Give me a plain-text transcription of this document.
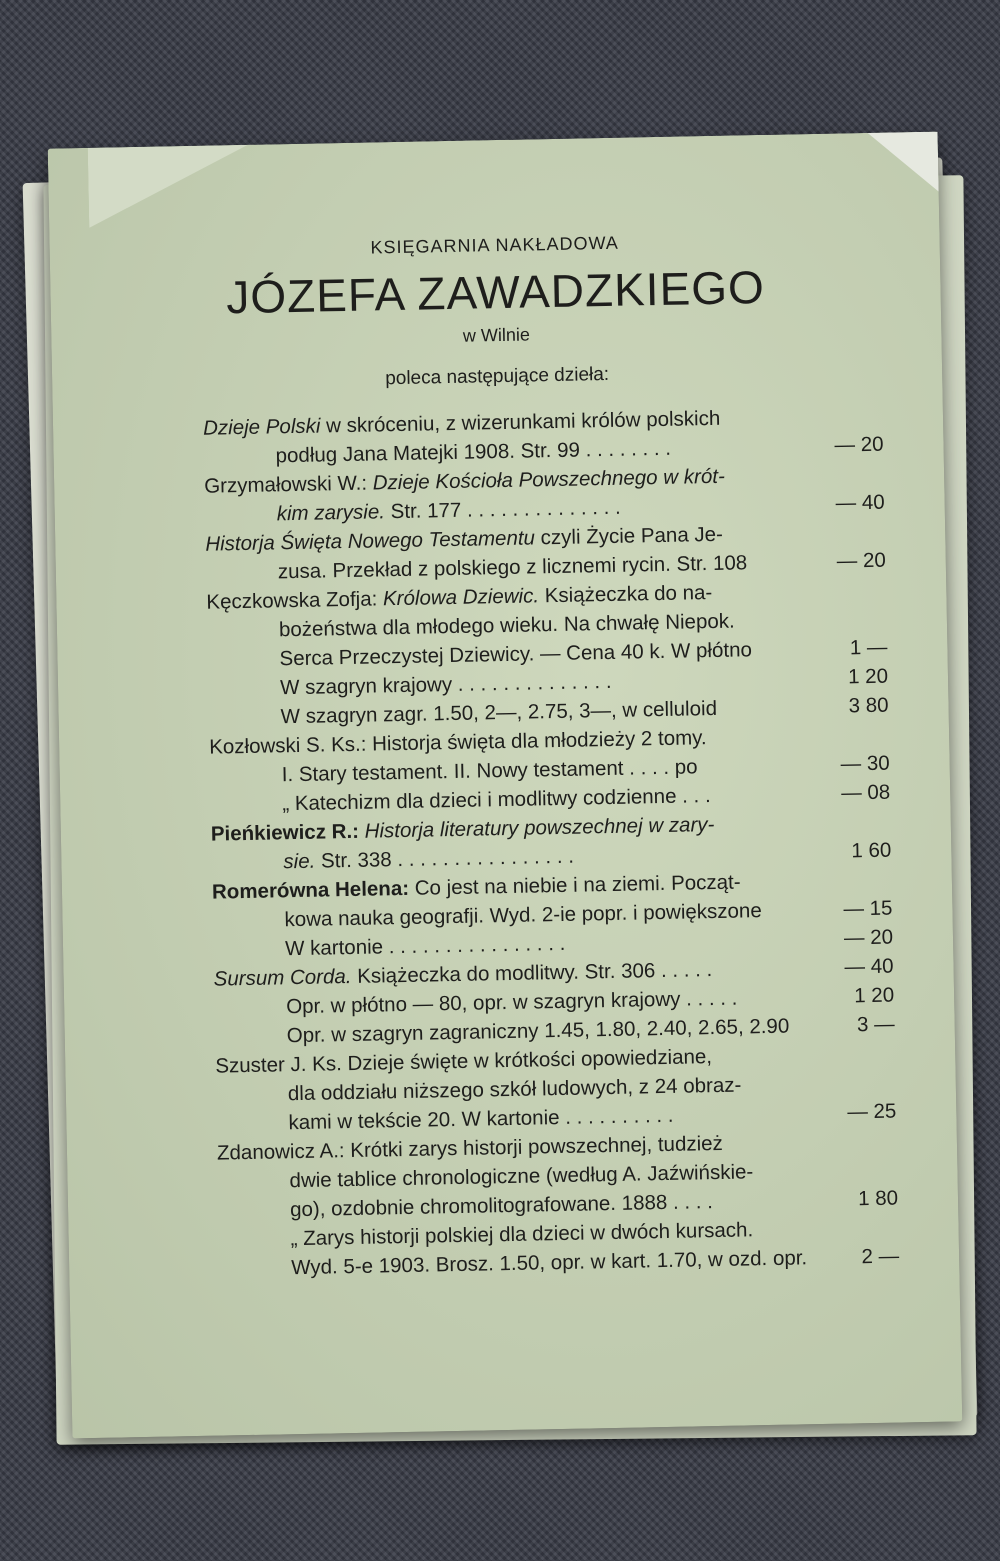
KSIĘGARNIA NAKŁADOWA
JÓZEFA ZAWADZKIEGO
w Wilnie
poleca następujące dzieła:
Dzieje Polski w skróceniu, z wizerunkami królów polskich
podług Jana Matejki 1908. Str. 99 . . . . . . . .	— 20
Grzymałowski W.: Dzieje Kościoła Powszechnego w krót-
kim zarysie. Str. 177 . . . . . . . . . . . . . .	— 40
Historja Święta Nowego Testamentu czyli Życie Pana Je-
zusa. Przekład z polskiego z licznemi rycin. Str. 108	— 20
Kęczkowska Zofja: Królowa Dziewic. Książeczka do na-
bożeństwa dla młodego wieku. Na chwałę Niepok.
Serca Przeczystej Dziewicy. — Cena 40 k. W płótno	1 —
W szagryn krajowy . . . . . . . . . . . . . .	1 20
W szagryn zagr. 1.50, 2—, 2.75, 3—, w celluloid	3 80
Kozłowski S. Ks.: Historja święta dla młodzieży 2 tomy.
I. Stary testament. II. Nowy testament . . . . po	— 30
„ Katechizm dla dzieci i modlitwy codzienne . . .	— 08
Pieńkiewicz R.: Historja literatury powszechnej w zary-
sie. Str. 338 . . . . . . . . . . . . . . . .	1 60
Romerówna Helena: Co jest na niebie i na ziemi. Począt-
kowa nauka geografji. Wyd. 2-ie popr. i powiększone	— 15
W kartonie . . . . . . . . . . . . . . . .	— 20
Sursum Corda. Książeczka do modlitwy. Str. 306 . . . . .	— 40
Opr. w płótno — 80, opr. w szagryn krajowy . . . . .	1 20
Opr. w szagryn zagraniczny 1.45, 1.80, 2.40, 2.65, 2.90	3 —
Szuster J. Ks. Dzieje święte w krótkości opowiedziane,
dla oddziału niższego szkół ludowych, z 24 obraz-
kami w tekście 20. W kartonie . . . . . . . . . .	— 25
Zdanowicz A.: Krótki zarys historji powszechnej, tudzież
dwie tablice chronologiczne (według A. Jaźwińskie-
go), ozdobnie chromolitografowane. 1888 . . . .	1 80
„ Zarys historji polskiej dla dzieci w dwóch kursach.
Wyd. 5-e 1903. Brosz. 1.50, opr. w kart. 1.70, w ozd. opr.	2 —
